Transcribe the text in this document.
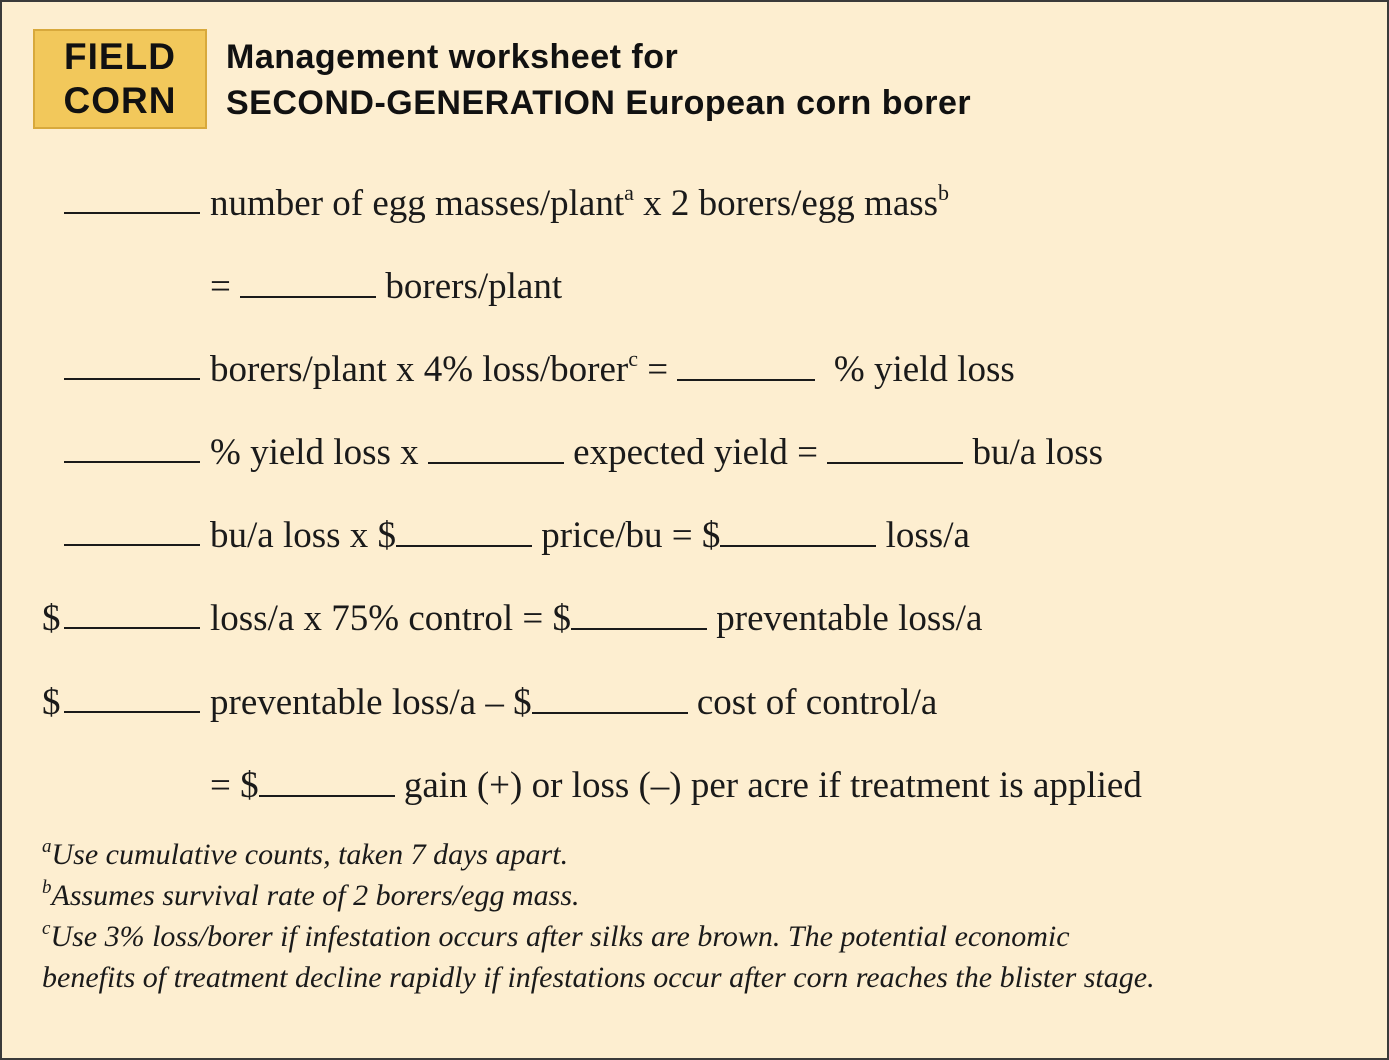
FIELD
CORN
Management worksheet for
SECOND-GENERATION European corn borer
number of egg masses/plant$^a$ x 2 borers/egg mass$^b$
=	borers/plant
borers/plant x 4% loss/borer$^c$ =	% yield loss
% yield loss x	expected yield =	bu/a loss
bu/a loss x $	price/bu = $	loss/a
$	loss/a x 75% control = $	preventable loss/a
$	preventable loss/a – $	cost of control/a
= $	gain (+) or loss (–) per acre if treatment is applied
$^a$Use cumulative counts, taken 7 days apart.
$^b$Assumes survival rate of 2 borers/egg mass.
$^c$Use 3% loss/borer if infestation occurs after silks are brown. The potential economic
benefits of treatment decline rapidly if infestations occur after corn reaches the blister stage.
